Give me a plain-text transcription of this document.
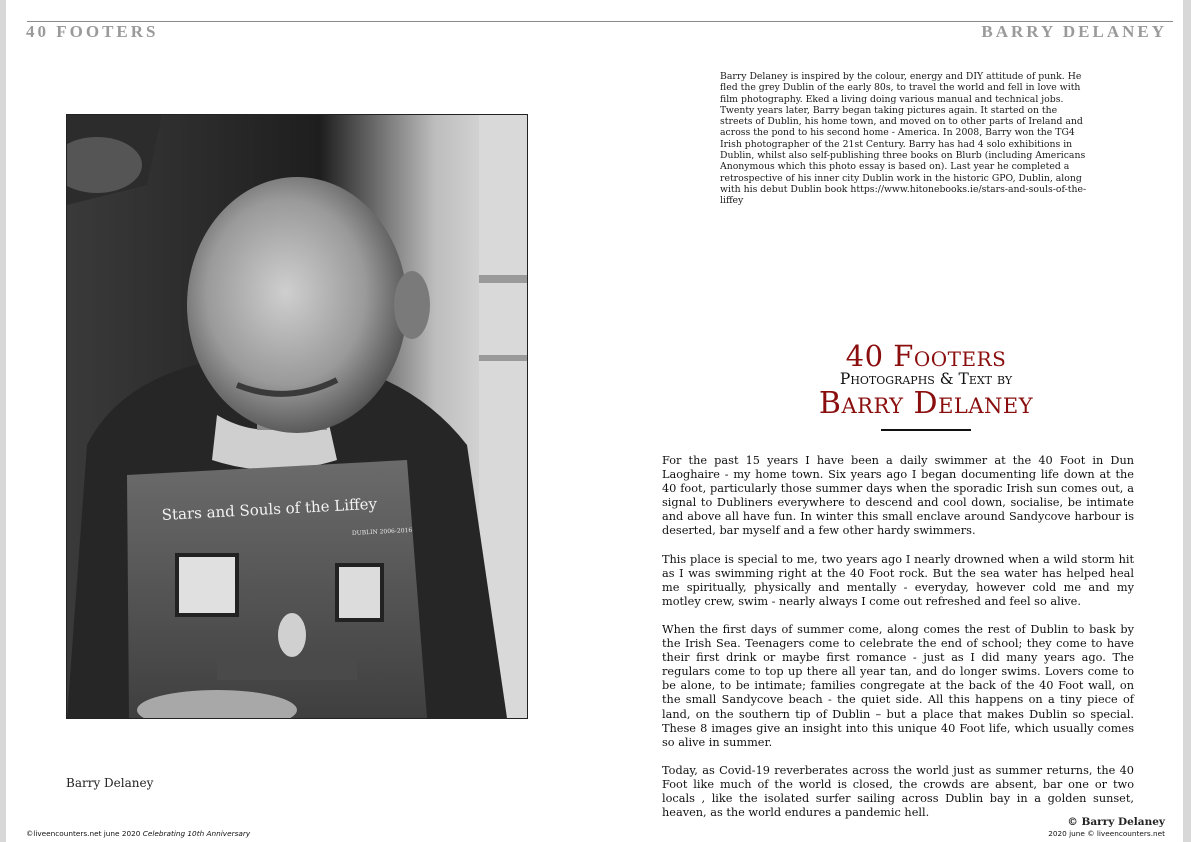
40 FOOTERS	BARRY DELANEY
Stars and Souls of the Liffey
DUBLIN 2006-2016
Barry Delaney
Barry Delaney is inspired by the colour, energy and DIY attitude of punk. He fled the grey Dublin of the early 80s, to travel the world and fell in love with film photography. Eked a living doing various manual and technical jobs. Twenty years later, Barry began taking pictures again. It started on the streets of Dublin, his home town, and moved on to other parts of Ireland and across the pond to his second home - America. In 2008, Barry won the TG4 Irish photographer of the 21st Century. Barry has had 4 solo exhibitions in Dublin, whilst also self-publishing three books on Blurb (including Americans Anonymous which this photo essay is based on). Last year he completed a retrospective of his inner city Dublin work in the historic GPO, Dublin, along with his debut Dublin book https://www.hitonebooks.ie/stars-and-souls-of-the-liffey
40 Footers
Photographs & Text by
Barry Delaney

For the past 15 years I have been a daily swimmer at the 40 Foot in Dun Laoghaire - my home town. Six years ago I began documenting life down at the 40 foot, particularly those summer days when the sporadic Irish sun comes out, a signal to Dubliners everywhere to descend and cool down, socialise, be intimate and above all have fun. In winter this small enclave around Sandycove harbour is deserted, bar myself and a few other hardy swimmers.

This place is special to me, two years ago I nearly drowned when a wild storm hit as I was swimming right at the 40 Foot rock. But the sea water has helped heal me spiritually, physically and mentally - everyday, however cold me and my motley crew, swim - nearly always I come out refreshed and feel so alive.

When the first days of summer come, along comes the rest of Dublin to bask by the Irish Sea. Teenagers come to celebrate the end of school; they come to have their first drink or maybe first romance - just as I did many years ago. The regulars come to top up there all year tan, and do longer swims. Lovers come to be alone, to be intimate; families congregate at the back of the 40 Foot wall, on the small Sandycove beach - the quiet side. All this happens on a tiny piece of land, on the southern tip of Dublin – but a place that makes Dublin so special. These 8 images give an insight into this unique 40 Foot life, which usually comes so alive in summer.

Today, as Covid-19 reverberates across the world just as summer returns, the 40 Foot like much of the world is closed, the crowds are absent, bar one or two locals , like the isolated surfer sailing across Dublin bay in a golden sunset, heaven, as the world endures a pandemic hell.

© Barry Delaney
©liveencounters.net june 2020 Celebrating 10th Anniversary	2020 june © liveencounters.net
